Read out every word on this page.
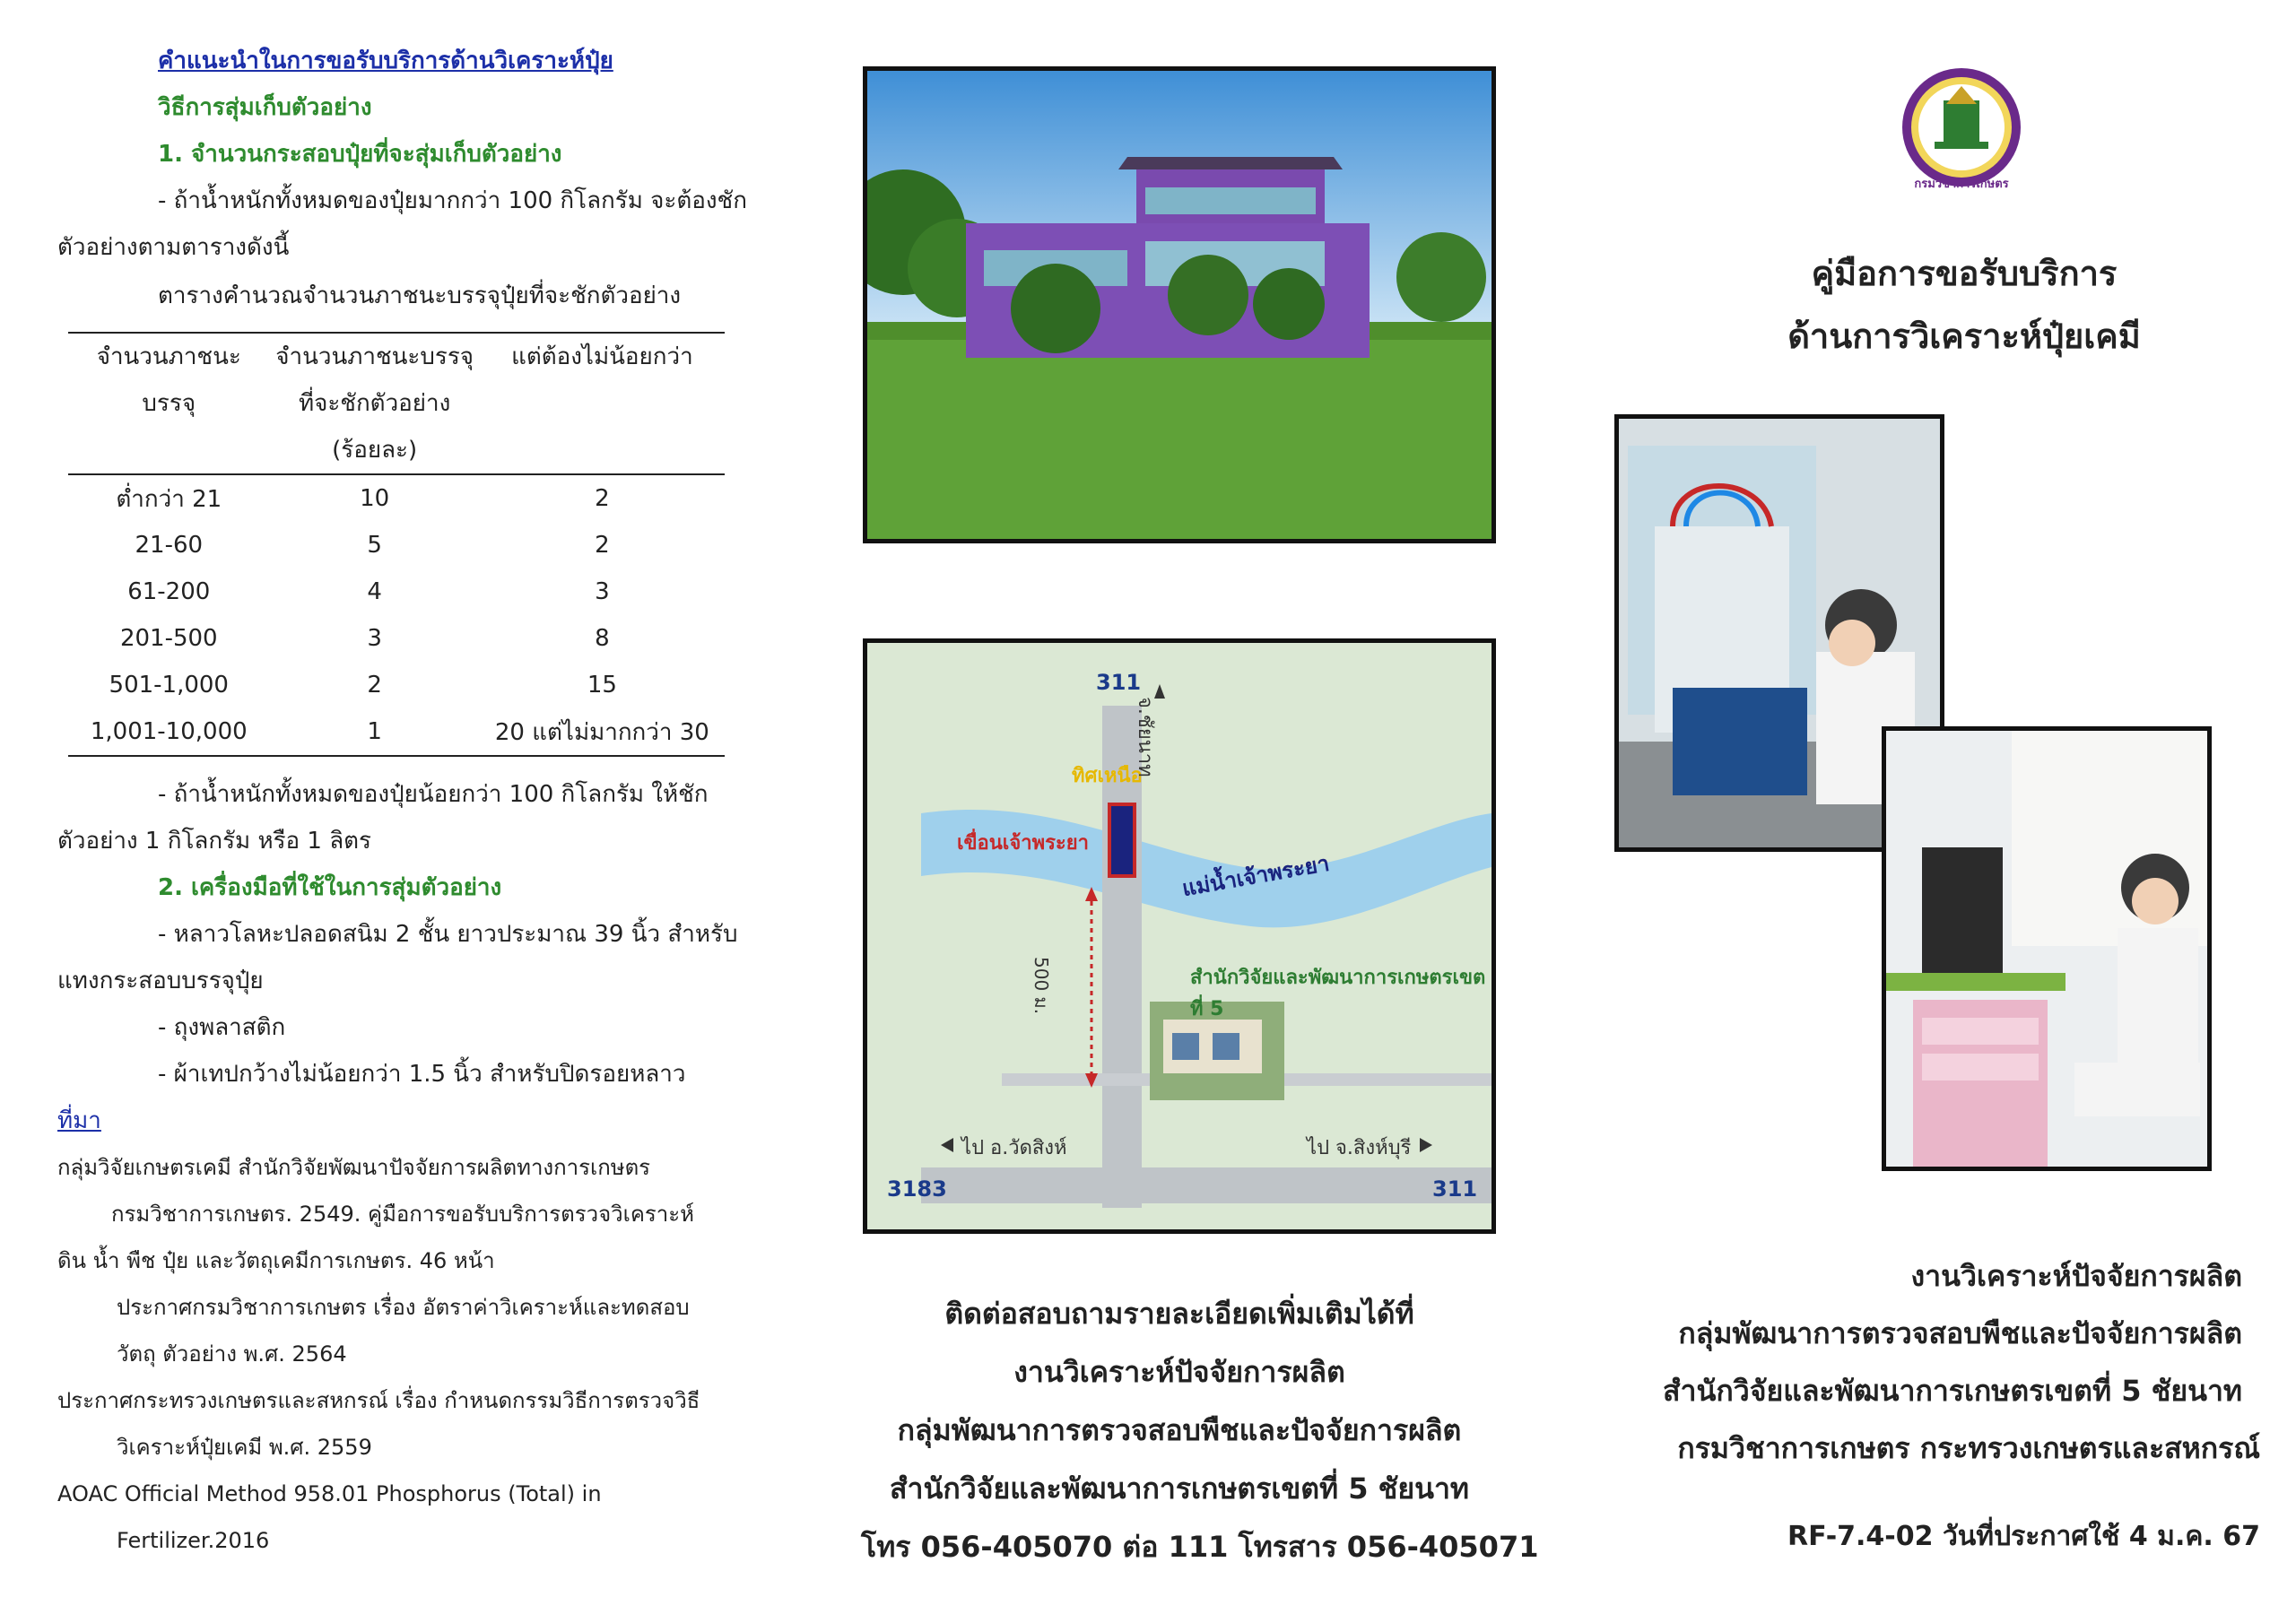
คำแนะนำในการขอรับบริการด้านวิเคราะห์ปุ๋ย
วิธีการสุ่มเก็บตัวอย่าง
1. จำนวนกระสอบปุ๋ยที่จะสุ่มเก็บตัวอย่าง
- ถ้าน้ำหนักทั้งหมดของปุ๋ยมากกว่า 100 กิโลกรัม จะต้องชัก
ตัวอย่างตามตารางดังนี้
ตารางคำนวณจำนวนภาชนะบรรจุปุ๋ยที่จะชักตัวอย่าง
จำนวนภาชนะบรรจุ	จำนวนภาชนะบรรจุที่จะชักตัวอย่าง (ร้อยละ)	แต่ต้องไม่น้อยกว่า
ต่ำกว่า 21	10	2
21-60	5	2
61-200	4	3
201-500	3	8
501-1,000	2	15
1,001-10,000	1	20 แต่ไม่มากกว่า 30
- ถ้าน้ำหนักทั้งหมดของปุ๋ยน้อยกว่า 100 กิโลกรัม ให้ชัก
ตัวอย่าง 1 กิโลกรัม หรือ 1 ลิตร
2. เครื่องมือที่ใช้ในการสุ่มตัวอย่าง
- หลาวโลหะปลอดสนิม 2 ชั้น ยาวประมาณ 39 นิ้ว สำหรับ
แทงกระสอบบรรจุปุ๋ย
- ถุงพลาสติก
- ผ้าเทปกว้างไม่น้อยกว่า 1.5 นิ้ว สำหรับปิดรอยหลาว
ที่มา
กลุ่มวิจัยเกษตรเคมี สำนักวิจัยพัฒนาปัจจัยการผลิตทางการเกษตร
กรมวิชาการเกษตร. 2549. คู่มือการขอรับบริการตรวจวิเคราะห์
ดิน น้ำ พืช ปุ๋ย และวัตถุเคมีการเกษตร. 46 หน้า
ประกาศกรมวิชาการเกษตร เรื่อง อัตราค่าวิเคราะห์และทดสอบ
วัตถุ ตัวอย่าง พ.ศ. 2564
ประกาศกระทรวงเกษตรและสหกรณ์ เรื่อง กำหนดกรรมวิธีการตรวจวิธี
วิเคราะห์ปุ๋ยเคมี พ.ศ. 2559
AOAC Official Method 958.01 Phosphorus (Total) in
Fertilizer.2016
311
ทิศเหนือ
จ.ชัยนาท
เขื่อนเจ้าพระยา
แม่น้ำเจ้าพระยา
500 ม.	สำนักวิจัยและพัฒนาการเกษตรเขตที่ 5
ไป อ.วัดสิงห์	ไป จ.สิงห์บุรี
3183	311
ติดต่อสอบถามรายละเอียดเพิ่มเติมได้ที่
งานวิเคราะห์ปัจจัยการผลิต
กลุ่มพัฒนาการตรวจสอบพืชและปัจจัยการผลิต
สำนักวิจัยและพัฒนาการเกษตรเขตที่ 5 ชัยนาท
โทร 056-405070 ต่อ 111 โทรสาร 056-405071
กรมวิชาการเกษตร
คู่มือการขอรับบริการ
ด้านการวิเคราะห์ปุ๋ยเคมี
งานวิเคราะห์ปัจจัยการผลิต
กลุ่มพัฒนาการตรวจสอบพืชและปัจจัยการผลิต
สำนักวิจัยและพัฒนาการเกษตรเขตที่ 5 ชัยนาท
กรมวิชาการเกษตร กระทรวงเกษตรและสหกรณ์
RF-7.4-02 วันที่ประกาศใช้ 4 ม.ค. 67
